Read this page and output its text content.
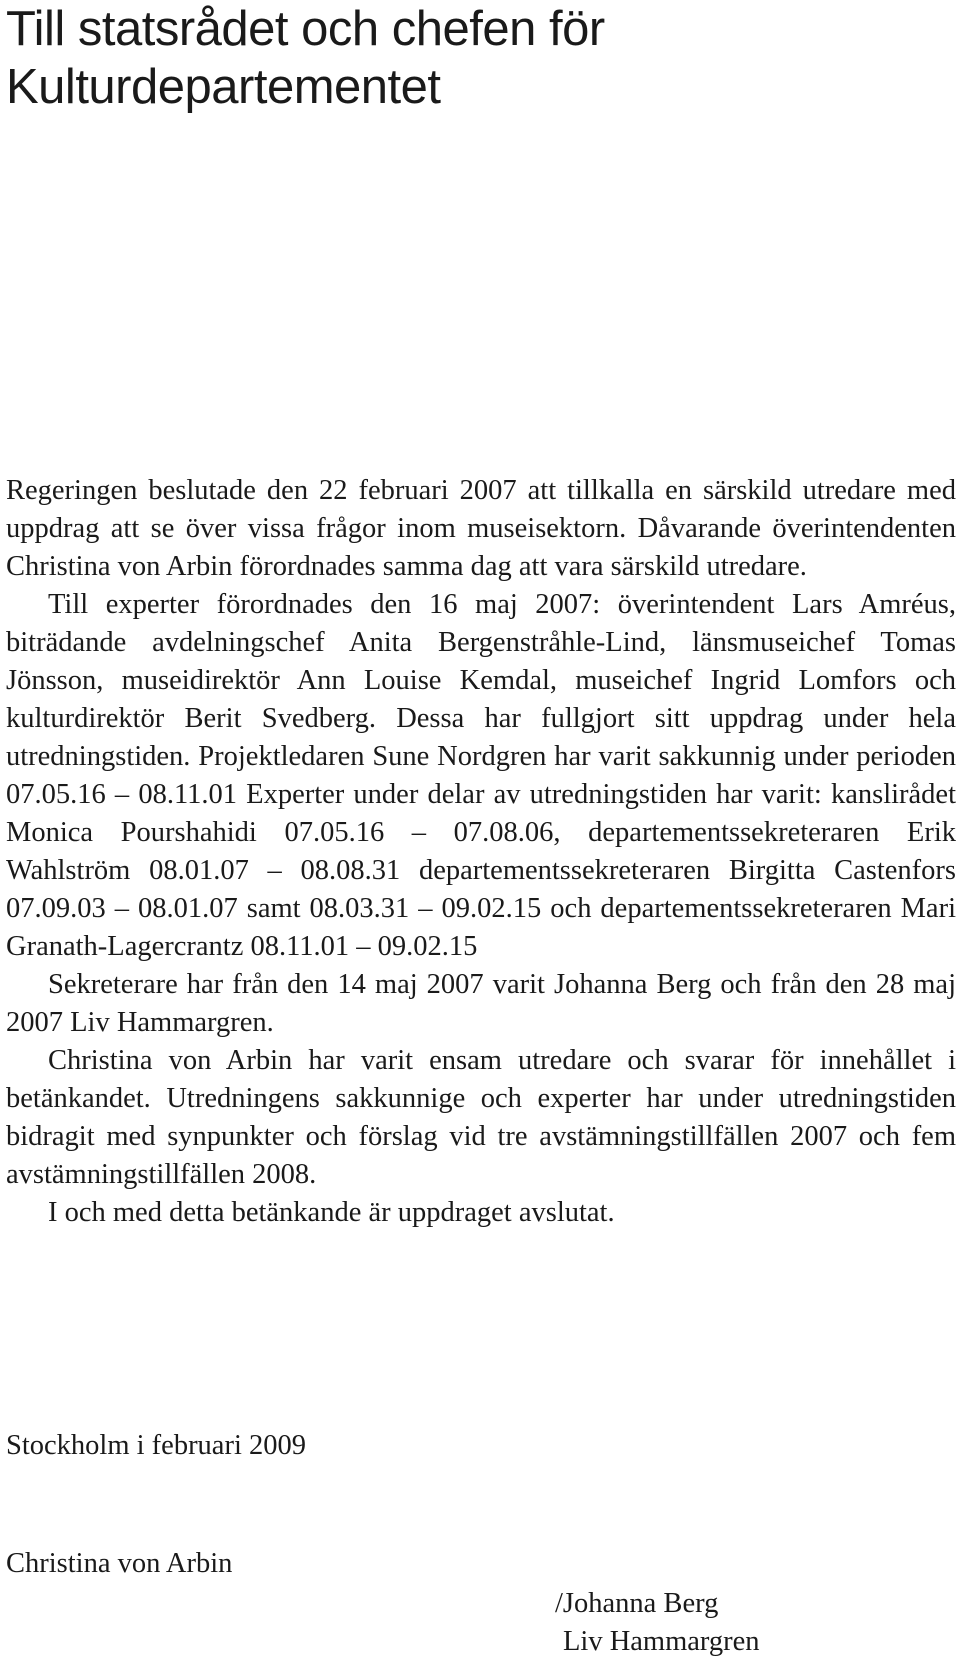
Till statsrådet och chefen för
Kulturdepartementet

Regeringen beslutade den 22 februari 2007 att tillkalla en särskild utredare med uppdrag att se över vissa frågor inom museisektorn. Dåvarande överintendenten Christina von Arbin förordnades samma dag att vara särskild utredare.

Till experter förordnades den 16 maj 2007: överintendent Lars Amréus, biträdande avdelningschef Anita Bergenstråhle-Lind, länsmuseichef Tomas Jönsson, museidirektör Ann Louise Kemdal, museichef Ingrid Lomfors och kulturdirektör Berit Svedberg. Dessa har fullgjort sitt uppdrag under hela utredningstiden. Projektledaren Sune Nordgren har varit sakkunnig under perioden 07.05.16 – 08.11.01 Experter under delar av utredningstiden har varit: kanslirådet Monica Pourshahidi 07.05.16 – 07.08.06, departementssekreteraren Erik Wahlström 08.01.07 – 08.08.31 departementssekreteraren Birgitta Castenfors 07.09.03 – 08.01.07 samt 08.03.31 – 09.02.15 och departementssekreteraren Mari Granath-Lagercrantz 08.11.01 – 09.02.15

Sekreterare har från den 14 maj 2007 varit Johanna Berg och från den 28 maj 2007 Liv Hammargren.

Christina von Arbin har varit ensam utredare och svarar för innehållet i betänkandet. Utredningens sakkunnige och experter har under utredningstiden bidragit med synpunkter och förslag vid tre avstämningstillfällen 2007 och fem avstämningstillfällen 2008.

I och med detta betänkande är uppdraget avslutat.

Stockholm i februari 2009
Christina von Arbin
/Johanna Berg
Liv Hammargren
